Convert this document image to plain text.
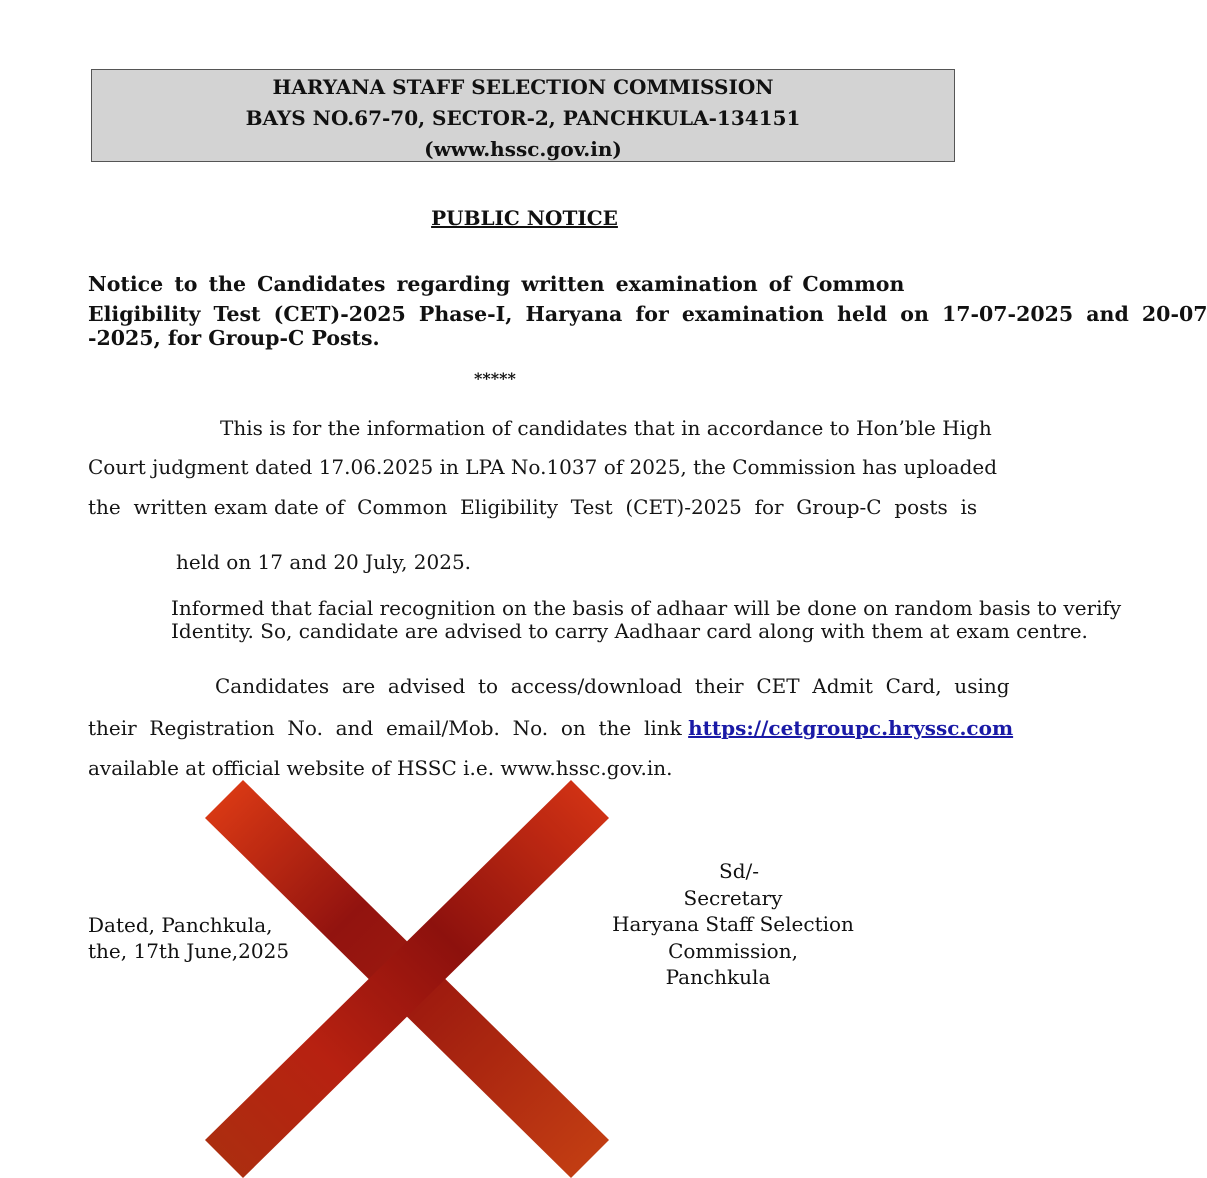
HARYANA STAFF SELECTION COMMISSION
BAYS NO.67-70, SECTOR-2, PANCHKULA-134151
(www.hssc.gov.in)
PUBLIC NOTICE
Notice to the Candidates regarding written examination of Common
Eligibility Test (CET)-2025 Phase-I, Haryana for examination held on 17-07-2025 and 20-07
-2025, for Group-C Posts.
*****
This is for the information of candidates that in accordance to Hon’ble High
Court judgment dated 17.06.2025 in LPA No.1037 of 2025, the Commission has uploaded
the  written exam date of  Common  Eligibility  Test  (CET)-2025  for  Group-C  posts  is
held on 17 and 20 July, 2025.
Informed that facial recognition on the basis of adhaar will be done on random basis to verify
Identity. So, candidate are advised to carry Aadhaar card along with them at exam centre.
Candidates  are  advised  to  access/download  their  CET  Admit  Card,  using
their  Registration  No.  and  email/Mob.  No.  on  the  link https://cetgroupc.hryssc.com
available at official website of HSSC i.e. www.hssc.gov.in.
Sd/-
Secretary
Haryana Staff Selection Commission,
Panchkula
Dated, Panchkula,
the, 17th June,2025
